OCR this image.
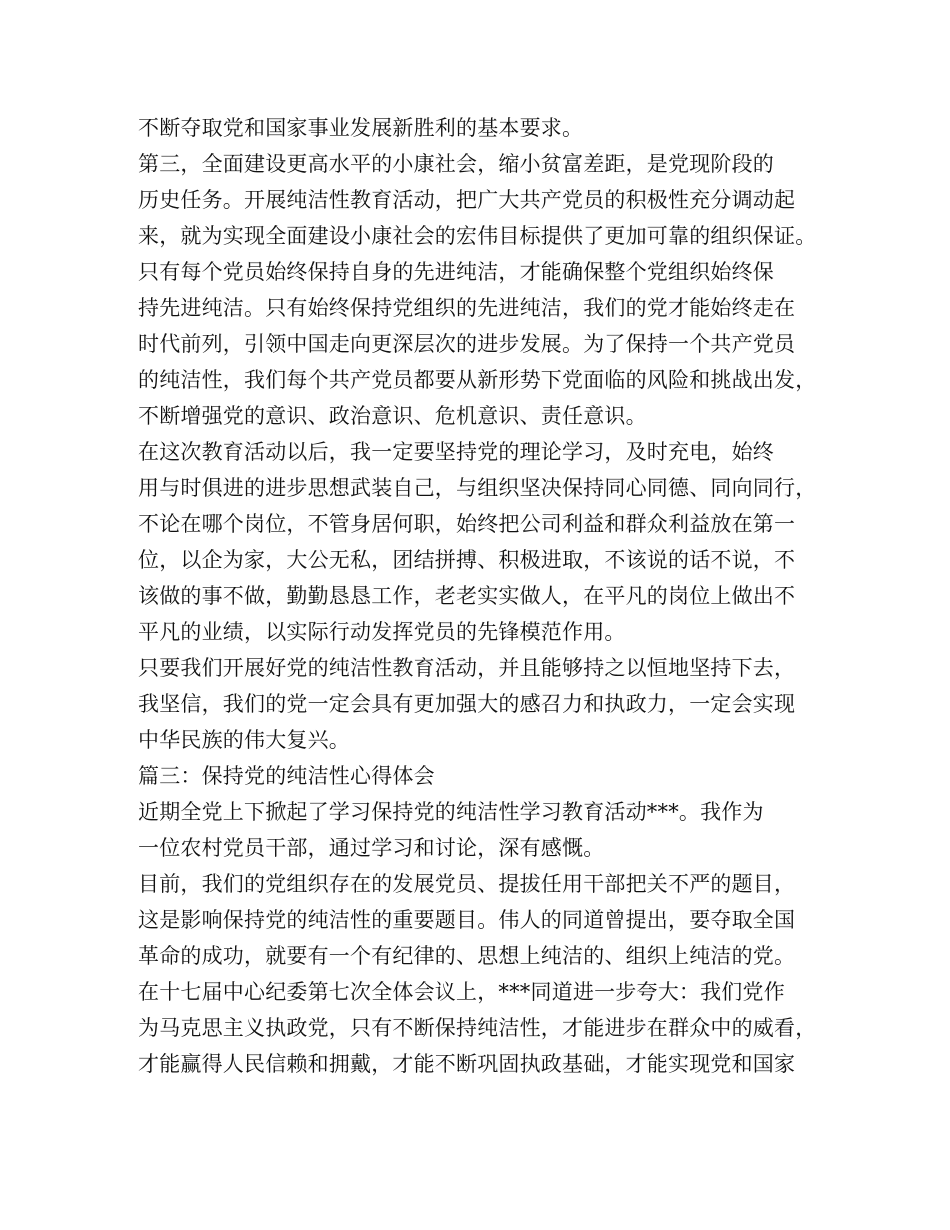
不断夺取党和国家事业发展新胜利的基本要求。
第三，全面建设更高水平的小康社会，缩小贫富差距，是党现阶段的
历史任务。开展纯洁性教育活动，把广大共产党员的积极性充分调动起
来，就为实现全面建设小康社会的宏伟目标提供了更加可靠的组织保证。
只有每个党员始终保持自身的先进纯洁，才能确保整个党组织始终保
持先进纯洁。只有始终保持党组织的先进纯洁，我们的党才能始终走在
时代前列，引领中国走向更深层次的进步发展。为了保持一个共产党员
的纯洁性，我们每个共产党员都要从新形势下党面临的风险和挑战出发，
不断增强党的意识、政治意识、危机意识、责任意识。
在这次教育活动以后，我一定要坚持党的理论学习，及时充电，始终
用与时俱进的进步思想武装自己，与组织坚决保持同心同德、同向同行，
不论在哪个岗位，不管身居何职，始终把公司利益和群众利益放在第一
位，以企为家，大公无私，团结拼搏、积极进取，不该说的话不说，不
该做的事不做，勤勤恳恳工作，老老实实做人，在平凡的岗位上做出不
平凡的业绩，以实际行动发挥党员的先锋模范作用。
只要我们开展好党的纯洁性教育活动，并且能够持之以恒地坚持下去，
我坚信，我们的党一定会具有更加强大的感召力和执政力，一定会实现
中华民族的伟大复兴。
篇三：保持党的纯洁性心得体会
近期全党上下掀起了学习保持党的纯洁性学习教育活动***。我作为
一位农村党员干部，通过学习和讨论，深有感慨。
目前，我们的党组织存在的发展党员、提拔任用干部把关不严的题目，
这是影响保持党的纯洁性的重要题目。伟人的同道曾提出，要夺取全国
革命的成功，就要有一个有纪律的、思想上纯洁的、组织上纯洁的党。
在十七届中心纪委第七次全体会议上，***同道进一步夸大：我们党作
为马克思主义执政党，只有不断保持纯洁性，才能进步在群众中的威看，
才能赢得人民信赖和拥戴，才能不断巩固执政基础，才能实现党和国家
